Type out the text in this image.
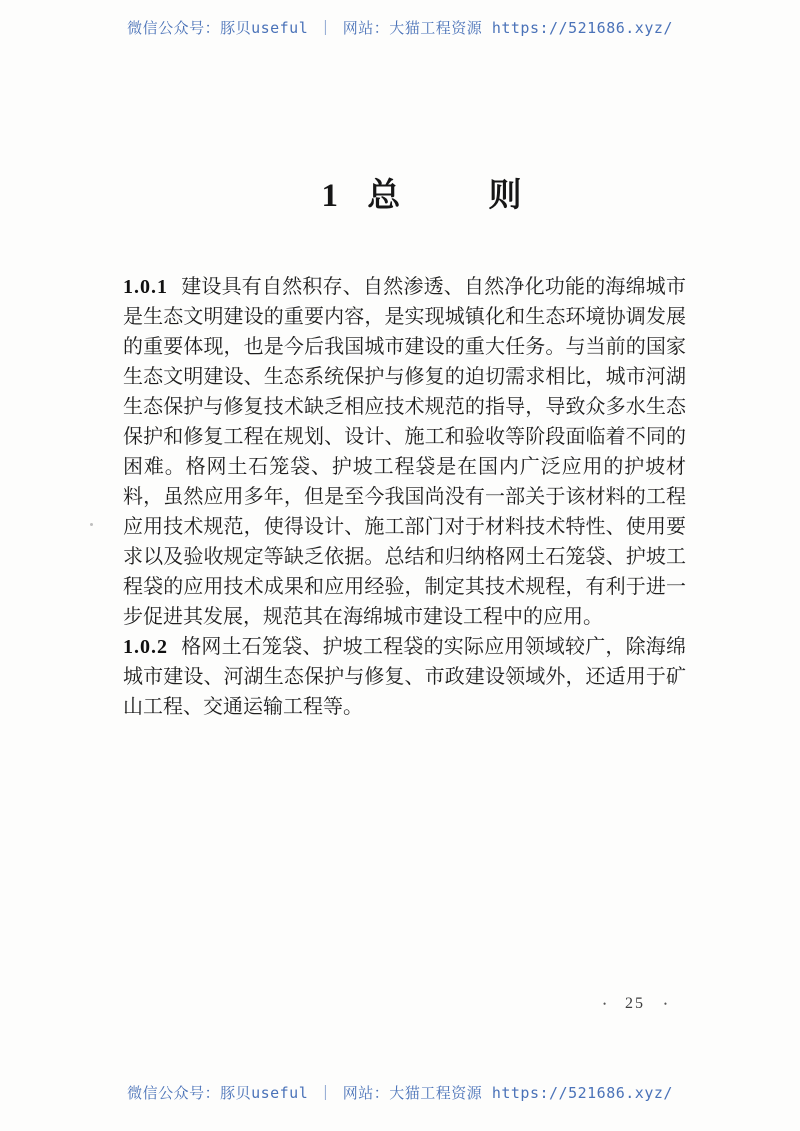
微信公众号：豚贝useful ｜ 网站：大猫工程资源 https://521686.xyz/
1 总	则

1.0.1 建设具有自然积存、自然渗透、自然净化功能的海绵城市是生态文明建设的重要内容，是实现城镇化和生态环境协调发展的重要体现，也是今后我国城市建设的重大任务。与当前的国家生态文明建设、生态系统保护与修复的迫切需求相比，城市河湖生态保护与修复技术缺乏相应技术规范的指导，导致众多水生态保护和修复工程在规划、设计、施工和验收等阶段面临着不同的困难。格网土石笼袋、护坡工程袋是在国内广泛应用的护坡材料，虽然应用多年，但是至今我国尚没有一部关于该材料的工程应用技术规范，使得设计、施工部门对于材料技术特性、使用要求以及验收规定等缺乏依据。总结和归纳格网土石笼袋、护坡工程袋的应用技术成果和应用经验，制定其技术规程，有利于进一步促进其发展，规范其在海绵城市建设工程中的应用。

1.0.2 格网土石笼袋、护坡工程袋的实际应用领域较广，除海绵城市建设、河湖生态保护与修复、市政建设领域外，还适用于矿山工程、交通运输工程等。

• 25 •
微信公众号：豚贝useful ｜ 网站：大猫工程资源 https://521686.xyz/
